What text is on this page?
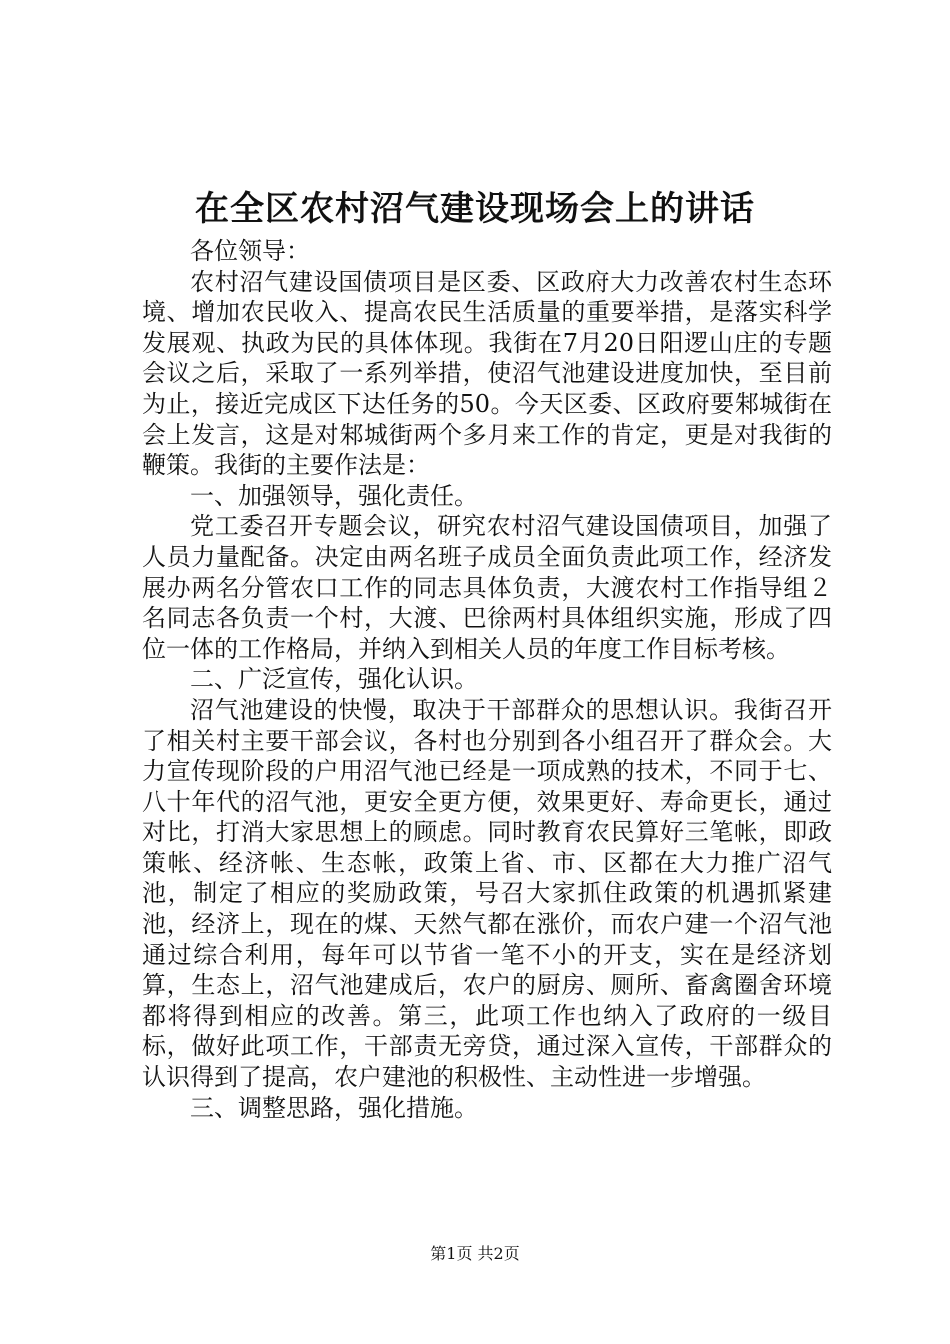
在全区农村沼气建设现场会上的讲话

各位领导：

农村沼气建设国债项目是区委、区政府大力改善农村生态环境、增加农民收入、提高农民生活质量的重要举措，是落实科学发展观、执政为民的具体体现。我街在7月20日阳逻山庄的专题会议之后，采取了一系列举措，使沼气池建设进度加快，至目前为止，接近完成区下达任务的50。今天区委、区政府要邾城街在会上发言，这是对邾城街两个多月来工作的肯定，更是对我街的鞭策。我街的主要作法是：

一、加强领导，强化责任。

党工委召开专题会议，研究农村沼气建设国债项目，加强了人员力量配备。决定由两名班子成员全面负责此项工作，经济发展办两名分管农口工作的同志具体负责，大渡农村工作指导组２名同志各负责一个村，大渡、巴徐两村具体组织实施，形成了四位一体的工作格局，并纳入到相关人员的年度工作目标考核。

二、广泛宣传，强化认识。

沼气池建设的快慢，取决于干部群众的思想认识。我街召开了相关村主要干部会议，各村也分别到各小组召开了群众会。大力宣传现阶段的户用沼气池已经是一项成熟的技术，不同于七、八十年代的沼气池，更安全更方便，效果更好、寿命更长，通过对比，打消大家思想上的顾虑。同时教育农民算好三笔帐，即政策帐、经济帐、生态帐，政策上省、市、区都在大力推广沼气池，制定了相应的奖励政策，号召大家抓住政策的机遇抓紧建池，经济上，现在的煤、天然气都在涨价，而农户建一个沼气池通过综合利用，每年可以节省一笔不小的开支，实在是经济划算，生态上，沼气池建成后，农户的厨房、厕所、畜禽圈舍环境都将得到相应的改善。第三，此项工作也纳入了政府的一级目标，做好此项工作，干部责无旁贷，通过深入宣传，干部群众的认识得到了提高，农户建池的积极性、主动性进一步增强。

三、调整思路，强化措施。

第1页 共2页
